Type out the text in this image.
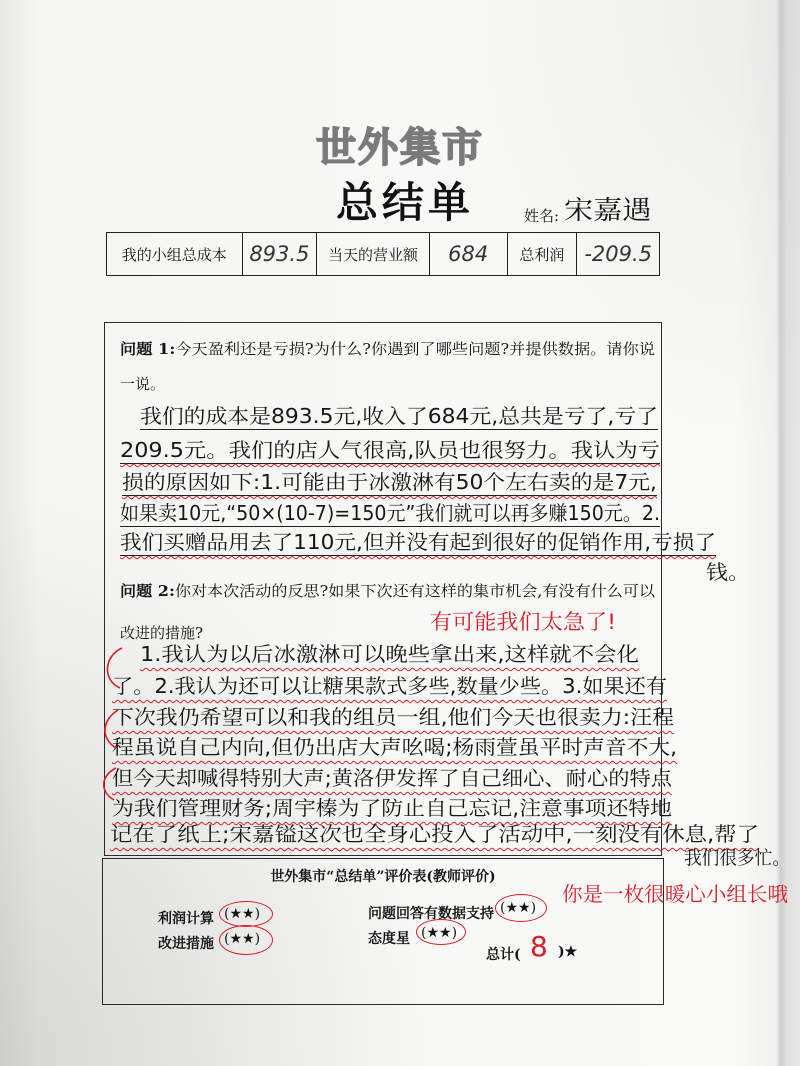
世外集市
总结单	姓名: 宋嘉遇
我的小组总成本	893.5	当天的营业额	684	总利润 -209.5
问题 1:今天盈利还是亏损?为什么?你遇到了哪些问题?并提供数据。请你说
一说。
我们的成本是893.5元,收入了684元,总共是亏了,亏了
209.5元。我们的店人气很高,队员也很努力。我认为亏
损的原因如下:1.可能由于冰激淋有50个左右卖的是7元,
如果卖10元,“50×(10-7)=150元”我们就可以再多赚150元。2.
我们买赠品用去了110元,但并没有起到很好的促销作用,亏损了
钱。
问题 2:你对本次活动的反思?如果下次还有这样的集市机会,有没有什么可以
改进的措施?	有可能我们太急了!
1.我认为以后冰激淋可以晚些拿出来,这样就不会化
了。2.我认为还可以让糖果款式多些,数量少些。3.如果还有
下次我仍希望可以和我的组员一组,他们今天也很卖力:汪程
程虽说自己内向,但仍出店大声吆喝;杨雨萱虽平时声音不大,
但今天却喊得特别大声;黄洛伊发挥了自己细心、耐心的特点
为我们管理财务;周宇榛为了防止自己忘记,注意事项还特地
记在了纸上;宋嘉镒这次也全身心投入了活动中,一刻没有休息,帮了
我们很多忙。
世外集市“总结单”评价表(教师评价)
利润计算 (★★)
改进措施 (★★)
问题回答有数据支持 (★★)
态度星 (★★)
总计( 8 )★
你是一枚很暖心小组长哦
